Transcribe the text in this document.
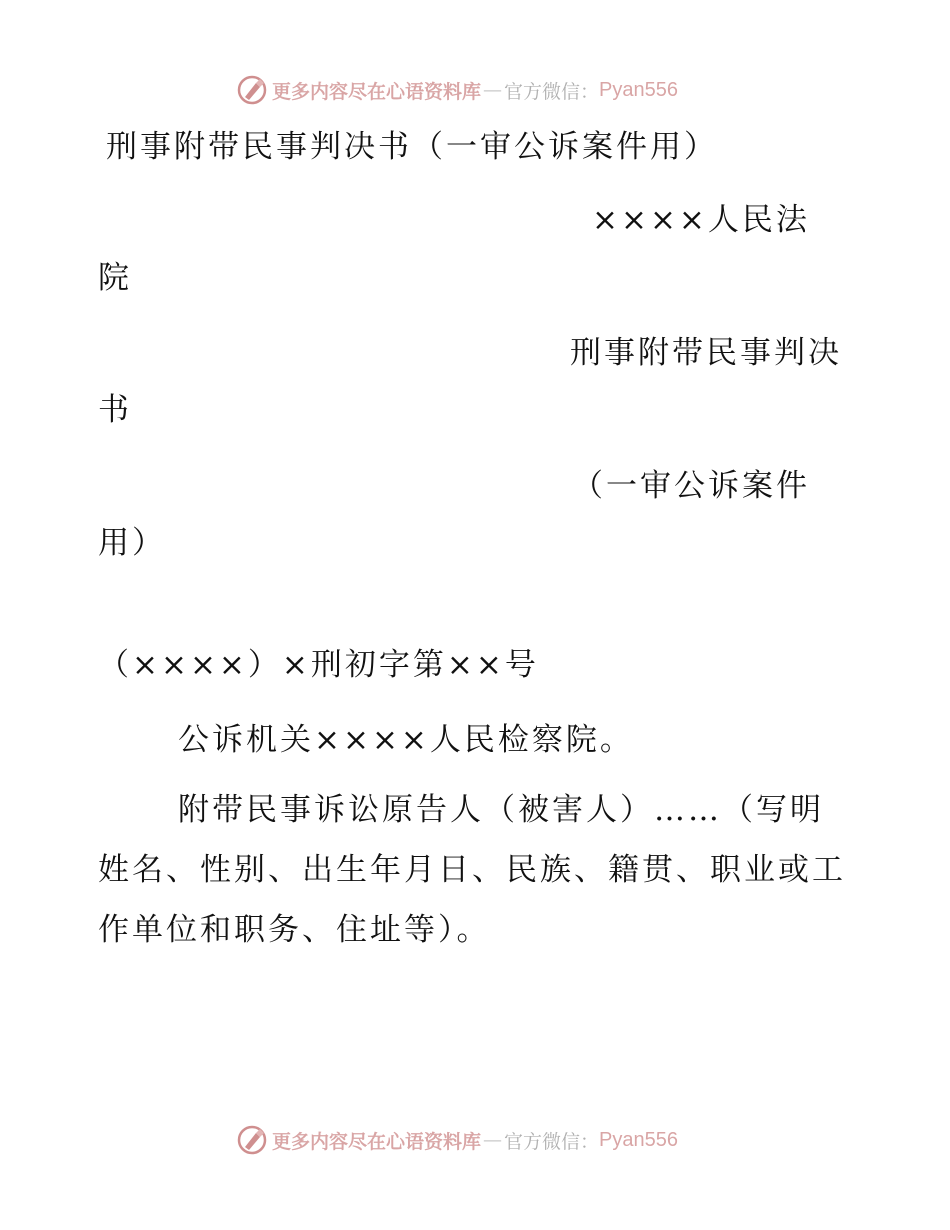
更多内容尽在心语资料库 — 官方微信： Pyan556
刑事附带民事判决书（一审公诉案件用）
××××人民法
院
刑事附带民事判决
书
（一审公诉案件
用）
（××××）×刑初字第××号
公诉机关××××人民检察院。
附带民事诉讼原告人（被害人）……（写明姓名、性别、出生年月日、民族、籍贯、职业或工作单位和职务、住址等）。
更多内容尽在心语资料库 — 官方微信： Pyan556
